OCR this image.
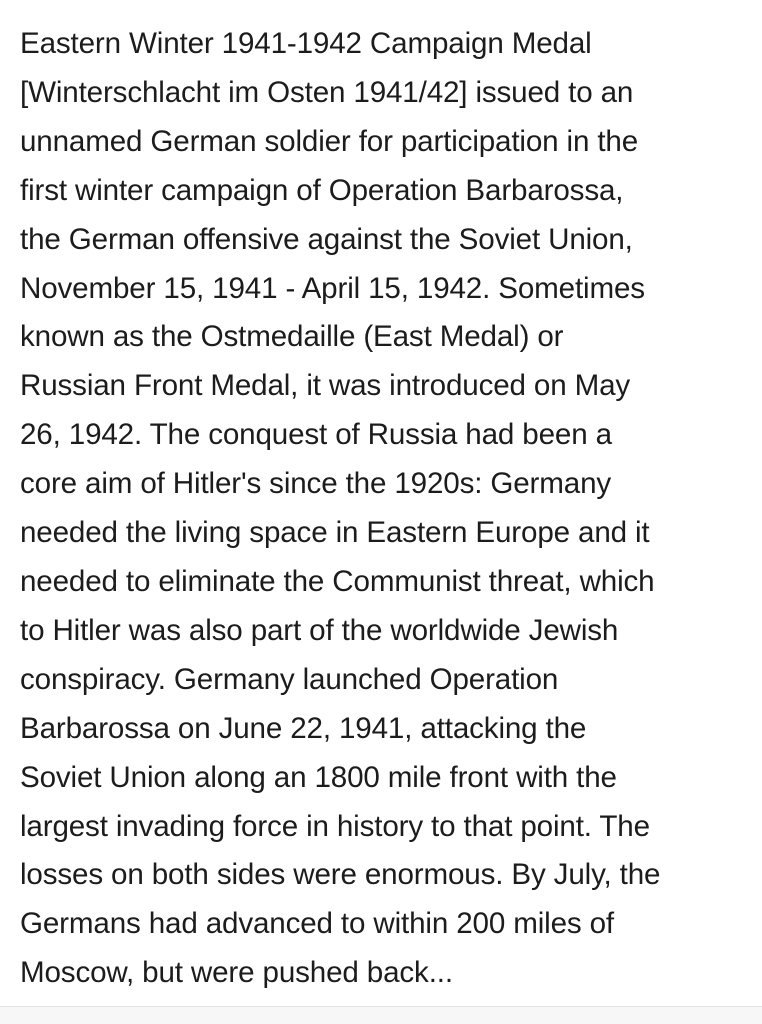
Eastern Winter 1941-1942 Campaign Medal
[Winterschlacht im Osten 1941/42] issued to an
unnamed German soldier for participation in the
first winter campaign of Operation Barbarossa,
the German offensive against the Soviet Union,
November 15, 1941 - April 15, 1942. Sometimes
known as the Ostmedaille (East Medal) or
Russian Front Medal, it was introduced on May
26, 1942. The conquest of Russia had been a
core aim of Hitler's since the 1920s: Germany
needed the living space in Eastern Europe and it
needed to eliminate the Communist threat, which
to Hitler was also part of the worldwide Jewish
conspiracy. Germany launched Operation
Barbarossa on June 22, 1941, attacking the
Soviet Union along an 1800 mile front with the
largest invading force in history to that point. The
losses on both sides were enormous. By July, the
Germans had advanced to within 200 miles of
Moscow, but were pushed back...
